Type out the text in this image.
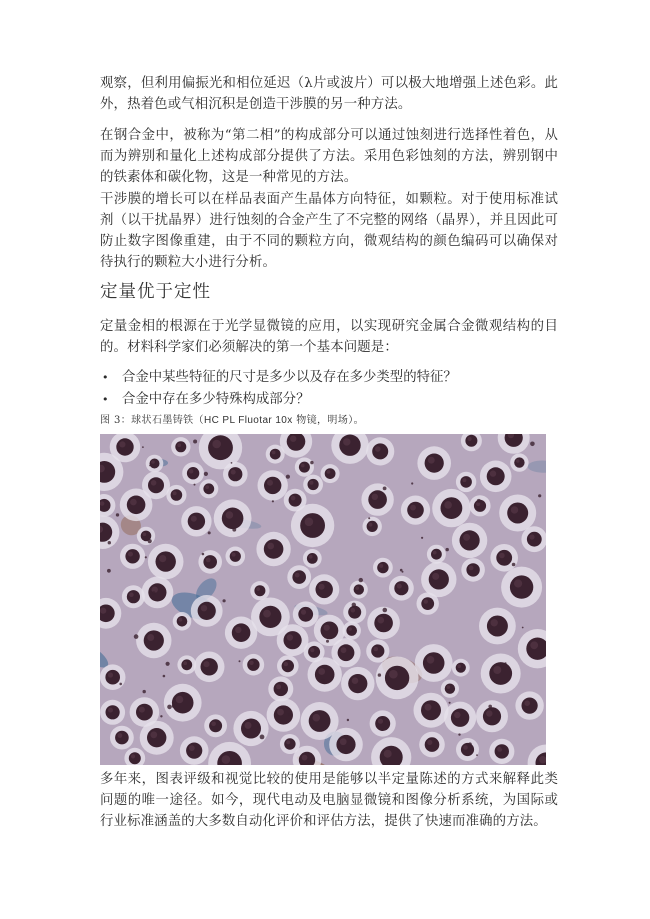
观察，但利用偏振光和相位延迟（λ片或波片）可以极大地增强上述色彩。此外，热着色或气相沉积是创造干涉膜的另一种方法。

在钢合金中，被称为“第二相”的构成部分可以通过蚀刻进行选择性着色，从而为辨别和量化上述构成部分提供了方法。采用色彩蚀刻的方法，辨别钢中的铁素体和碳化物，这是一种常见的方法。

干涉膜的增长可以在样品表面产生晶体方向特征，如颗粒。对于使用标准试剂（以干扰晶界）进行蚀刻的合金产生了不完整的网络（晶界），并且因此可防止数字图像重建，由于不同的颗粒方向，微观结构的颜色编码可以确保对待执行的颗粒大小进行分析。

定量优于定性

定量金相的根源在于光学显微镜的应用，以实现研究金属合金微观结构的目的。材料科学家们必须解决的第一个基本问题是：

• 合金中某些特征的尺寸是多少以及存在多少类型的特征？
• 合金中存在多少特殊构成部分？
图 3：球状石墨铸铁（HC PL Fluotar 10x 物镜，明场）。

多年来，图表评级和视觉比较的使用是能够以半定量陈述的方式来解释此类问题的唯一途径。如今，现代电动及电脑显微镜和图像分析系统，为国际或行业标准涵盖的大多数自动化评价和评估方法，提供了快速而准确的方法。
